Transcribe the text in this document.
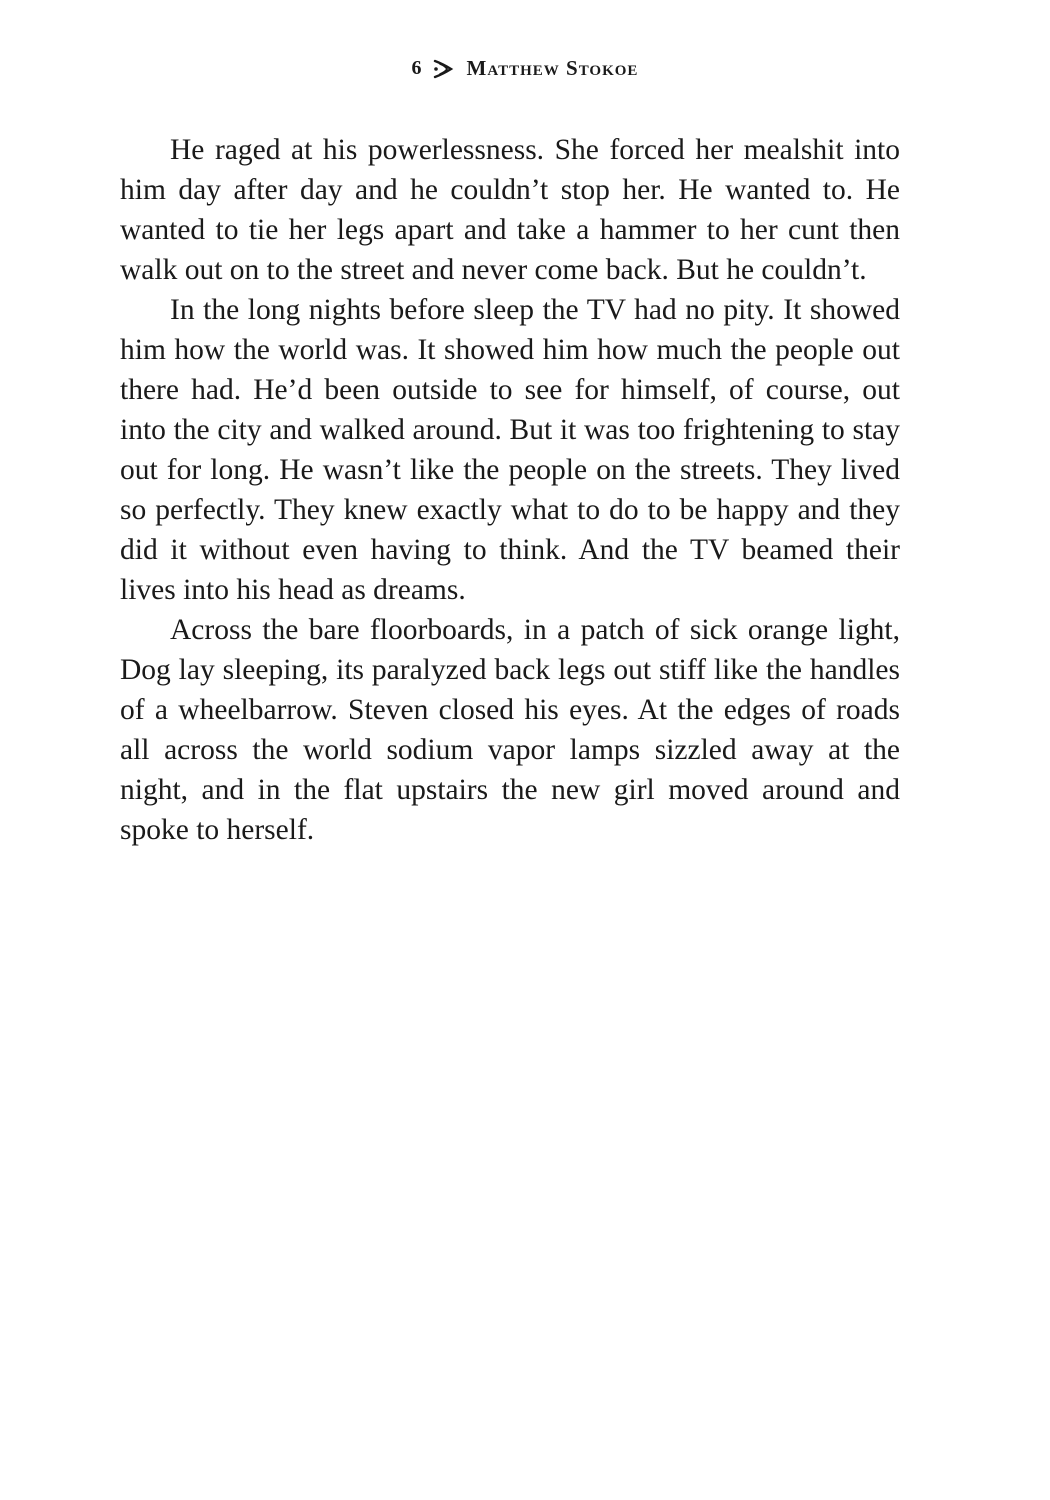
6 Matthew Stokoe

He raged at his powerlessness. She forced her mealshit into him day after day and he couldn’t stop her. He wanted to. He wanted to tie her legs apart and take a hammer to her cunt then walk out on to the street and never come back. But he couldn’t.

In the long nights before sleep the TV had no pity. It showed him how the world was. It showed him how much the people out there had. He’d been outside to see for himself, of course, out into the city and walked around. But it was too frightening to stay out for long. He wasn’t like the people on the streets. They lived so perfectly. They knew exactly what to do to be happy and they did it without even having to think. And the TV beamed their lives into his head as dreams.

Across the bare floorboards, in a patch of sick orange light, Dog lay sleeping, its paralyzed back legs out stiff like the handles of a wheelbarrow. Steven closed his eyes. At the edges of roads all across the world sodium vapor lamps sizzled away at the night, and in the flat upstairs the new girl moved around and spoke to herself.
